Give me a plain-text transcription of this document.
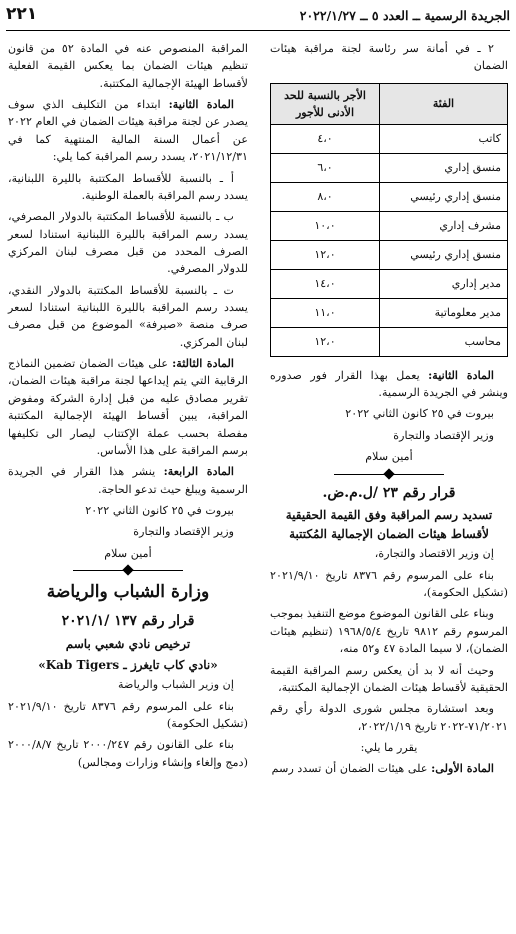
الجريدة الرسمية ــ العدد ٥ ــ ٢٠٢٢/١/٢٧
٢٢١

٢ ـ في أمانة سر رئاسة لجنة مراقبة هيئات الضمان

الفئة	الأجر بالنسبة للحد الأدنى للأجور
كاتب	٤،٠
منسق إداري	٦،٠
منسق إداري رئيسي	٨،٠
مشرف إداري	١٠،٠
منسق إداري رئيسي	١٢،٠
مدير إداري	١٤،٠
مدير معلوماتية	١١،٠
محاسب	١٢،٠

المادة الثانية: يعمل بهذا القرار فور صدوره وينشر في الجريدة الرسمية.

بيروت في ٢٥ كانون الثاني ٢٠٢٢

وزير الإقتصاد والتجارة

أمين سلام

قرار رقم ٢٣ /ل.م.ض.
تسديد رسم المراقبة وفق القيمة الحقيقية لأقساط هيئات الضمان الإجمالية المُكتتبة

إن وزير الاقتصاد والتجارة،

بناء على المرسوم رقم ٨٣٧٦ تاريخ ٢٠٢١/٩/١٠ (تشكيل الحكومة)،

وبناء على القانون الموضوع موضع التنفيذ بموجب المرسوم رقم ٩٨١٢ تاريخ ١٩٦٨/٥/٤ (تنظيم هيئات الضمان)، لا سيما المادة ٤٧ و٥٢ منه،

وحيث أنه لا بد أن يعكس رسم المراقبة القيمة الحقيقية لأقساط هيئات الضمان الإجمالية المكتتبة،

وبعد استشارة مجلس شورى الدولة رأي رقم ٧١/٢٠٢١-٢٠٢٢ تاريخ ٢٠٢٢/١/١٩،

يقرر ما يلي:

المادة الأولى: على هيئات الضمان أن تسدد رسم

المراقبة المنصوص عنه في المادة ٥٢ من قانون تنظيم هيئات الضمان بما يعكس القيمة الفعلية لأقساط الهيئة الإجمالية المكتتبة.

المادة الثانية: ابتداء من التكليف الذي سوف يصدر عن لجنة مراقبة هيئات الضمان في العام ٢٠٢٢ عن أعمال السنة المالية المنتهية كما في ٢٠٢١/١٢/٣١، يسدد رسم المراقبة كما يلي:

أ ـ بالنسبة للأقساط المكتتبة بالليرة اللبنانية، يسدد رسم المراقبة بالعملة الوطنية.

ب ـ بالنسبة للأقساط المكتتبة بالدولار المصرفي، يسدد رسم المراقبة بالليرة اللبنانية استنادا لسعر الصرف المحدد من قبل مصرف لبنان المركزي للدولار المصرفي.

ت ـ بالنسبة للأقساط المكتتبة بالدولار النقدي، يسدد رسم المراقبة بالليرة اللبنانية استنادا لسعر صرف منصة «صيرفة» الموضوع من قبل مصرف لبنان المركزي.

المادة الثالثة: على هيئات الضمان تضمين النماذج الرقابية التي يتم إيداعها لجنة مراقبة هيئات الضمان، تقرير مصادق عليه من قبل إدارة الشركة ومفوض المراقبة، يبين أقساط الهيئة الإجمالية المكتتبة مفصلة بحسب عملة الإكتتاب ليصار الى تكليفها برسم المراقبة على هذا الأساس.

المادة الرابعة: ينشر هذا القرار في الجريدة الرسمية ويبلغ حيث تدعو الحاجة.

بيروت في ٢٥ كانون الثاني ٢٠٢٢

وزير الإقتصاد والتجارة

أمين سلام

وزارة الشباب والرياضة
قرار رقم ١٣٧ /٢٠٢١/١
ترخيص نادي شعبي باسم
«نادي كاب تايغرز ـ Kab Tigers»

إن وزير الشباب والرياضة

بناء على المرسوم رقم ٨٣٧٦ تاريخ ٢٠٢١/٩/١٠ (تشكيل الحكومة)

بناء على القانون رقم ٢٠٠٠/٢٤٧ تاريخ ٢٠٠٠/٨/٧ (دمج وإلغاء وإنشاء وزارات ومجالس)
